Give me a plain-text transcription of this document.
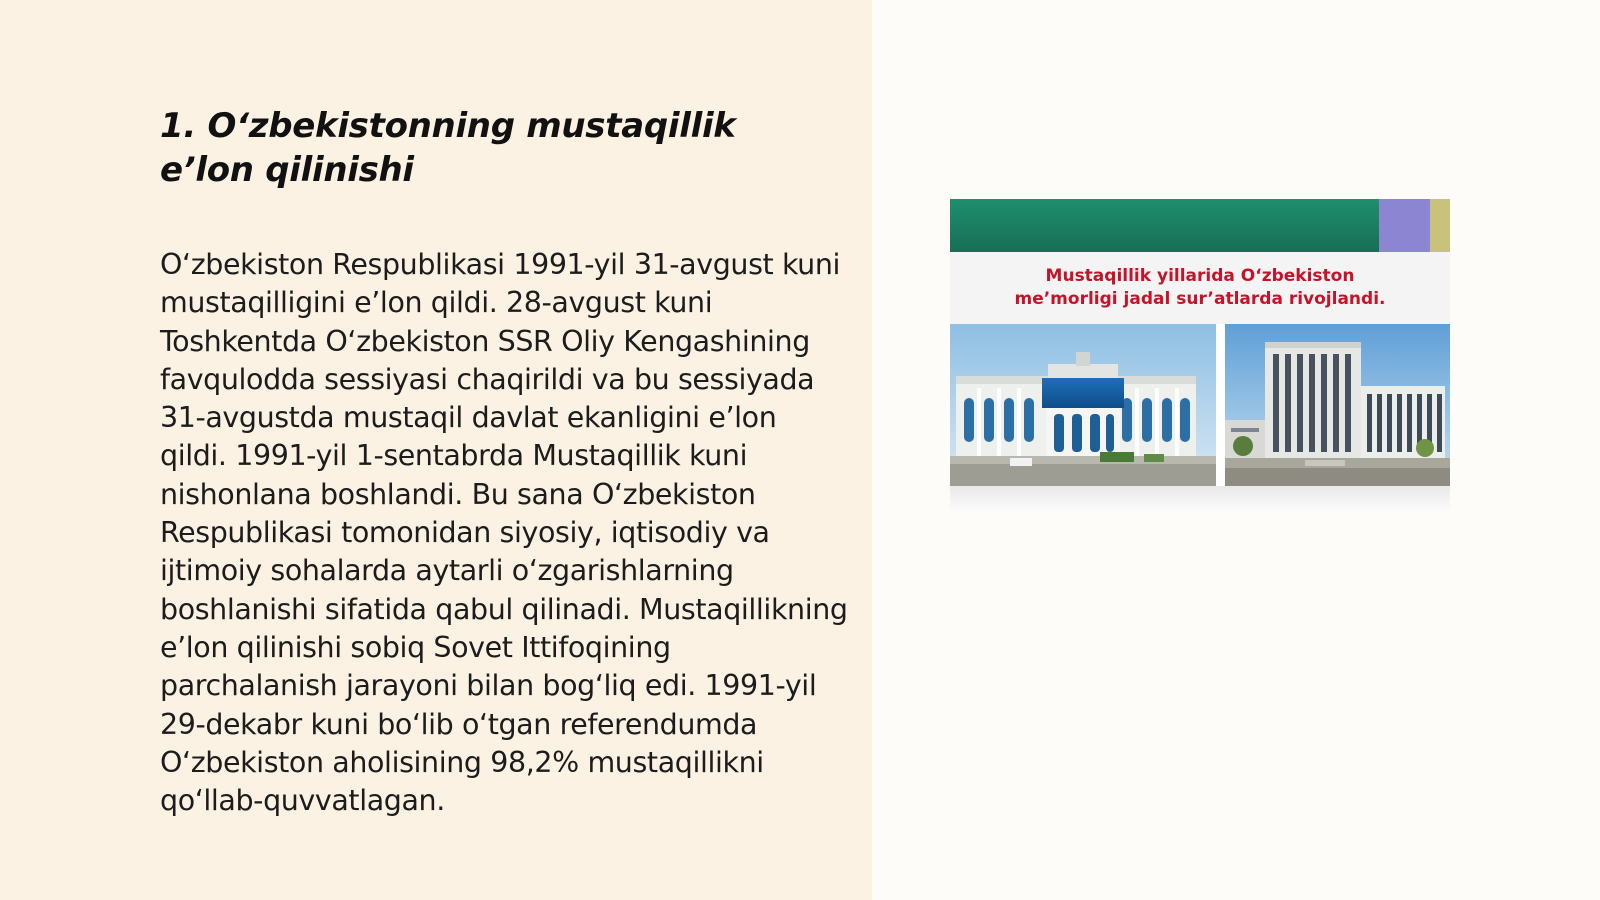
1. O‘zbekistonning mustaqillik e’lon qilinishi

O‘zbekiston Respublikasi 1991-yil 31-avgust kuni mustaqilligini e’lon qildi. 28-avgust kuni Toshkentda O‘zbekiston SSR Oliy Kengashining favqulodda sessiyasi chaqirildi va bu sessiyada 31-avgustda mustaqil davlat ekanligini e’lon qildi. 1991-yil 1-sentabrda Mustaqillik kuni nishonlana boshlandi. Bu sana O‘zbekiston Respublikasi tomonidan siyosiy, iqtisodiy va ijtimoiy sohalarda aytarli o‘zgarishlarning boshlanishi sifatida qabul qilinadi. Mustaqillikning e’lon qilinishi sobiq Sovet Ittifoqining parchalanish jarayoni bilan bog‘liq edi. 1991-yil 29-dekabr kuni bo‘lib o‘tgan referendumda O‘zbekiston aholisining 98,2% mustaqillikni qo‘llab-quvvatlagan.

Mustaqillik yillarida O‘zbekiston
me’morligi jadal sur’atlarda rivojlandi.
